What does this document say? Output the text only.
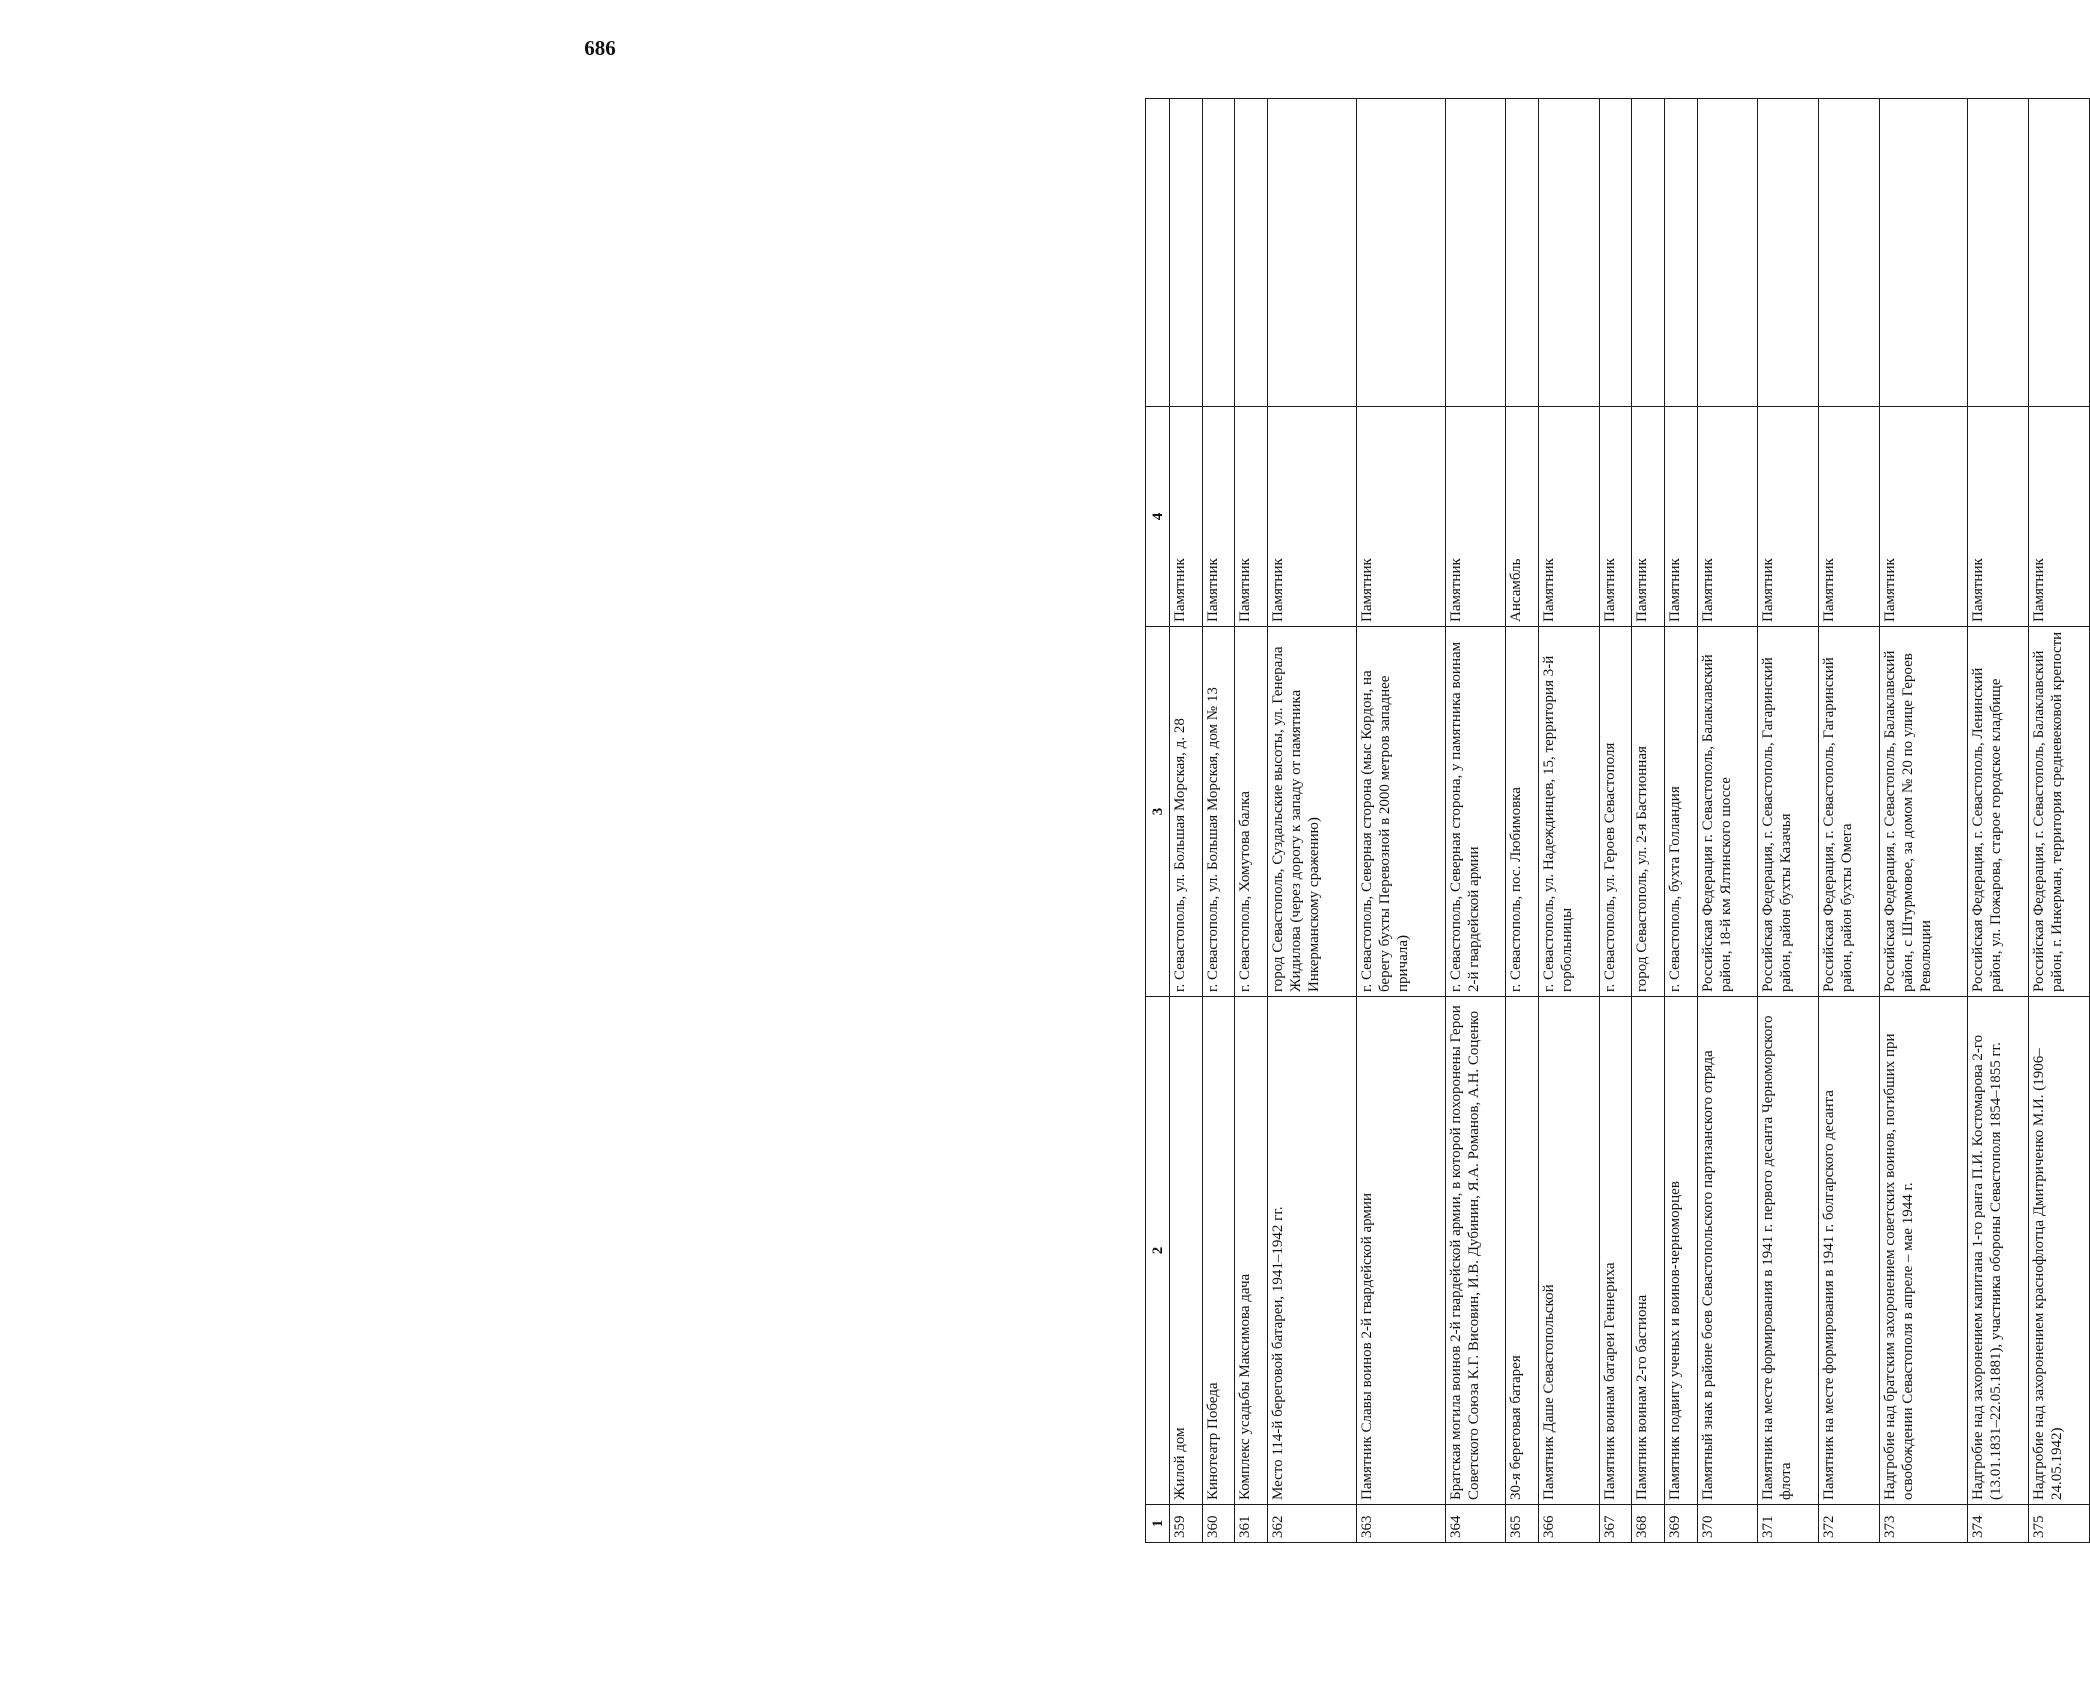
686
1	2	3	4	
359	Жилой дом	г. Севастополь, ул. Большая Морская, д. 28	Памятник	
360	Кинотеатр Победа	г. Севастополь, ул. Большая Морская, дом № 13	Памятник	
361	Комплекс усадьбы Максимова дача	г. Севастополь, Хомутова балка	Памятник	
362	Место 114-й береговой батареи, 1941–1942 гг.	город Севастополь, Суздальские высоты, ул. Генерала Жидилова (через дорогу к западу от памятника Инкерманскому сражению)	Памятник	
363	Памятник Славы воинов 2-й гвардейской армии	г. Севастополь, Северная сторона (мыс Кордон, на берегу бухты Перевозной в 2000 метров западнее причала)	Памятник	
364	Братская могила воинов 2-й гвардейской армии, в которой похоронены Герои Советского Союза К.Г. Висовин, И.В. Дубинин, Я.А. Романов, А.Н. Соценко	г. Севастополь, Северная сторона, у памятника воинам 2-й гвардейской армии	Памятник	
365	30-я береговая батарея	г. Севастополь, пос. Любимовка	Ансамбль	
366	Памятник Даше Севастопольской	г. Севастополь, ул. Надеждинцев, 15, территория 3-й горбольницы	Памятник	
367	Памятник воинам батареи Геннериха	г. Севастополь, ул. Героев Севастополя	Памятник	
368	Памятник воинам 2-го бастиона	город Севастополь, ул. 2-я Бастионная	Памятник	
369	Памятник подвигу ученых и воинов-черноморцев	г. Севастополь, бухта Голландия	Памятник	
370	Памятный знак в районе боев Севастопольского партизанского отряда	Российская Федерация г. Севастополь, Балаклавский район, 18-й км Ялтинского шоссе	Памятник	
371	Памятник на месте формирования в 1941 г. первого десанта Черноморского флота	Российская Федерация, г. Севастополь, Гагаринский район, район бухты Казачья	Памятник	
372	Памятник на месте формирования в 1941 г. болгарского десанта	Российская Федерация, г. Севастополь, Гагаринский район, район бухты Омега	Памятник	
373	Надгробие над братским захоронением советских воинов, погибших при освобождении Севастополя в апреле – мае 1944 г.	Российская Федерация, г. Севастополь, Балаклавский район, с Штурмовое, за домом № 20 по улице Героев Революции	Памятник	
374	Надгробие над захоронением капитана 1-го ранга П.И. Костомарова 2-го (13.01.1831–22.05.1881), участника обороны Севастополя 1854–1855 гг.	Российская Федерация, г. Севастополь, Ленинский район, ул. Пожарова, старое городское кладбище	Памятник	
375	Надгробие над захоронением краснофлотца Дмитриченко М.И. (1906–24.05.1942)	Российская Федерация, г. Севастополь, Балаклавский район, г. Инкерман, территория средневековой крепости	Памятник	
